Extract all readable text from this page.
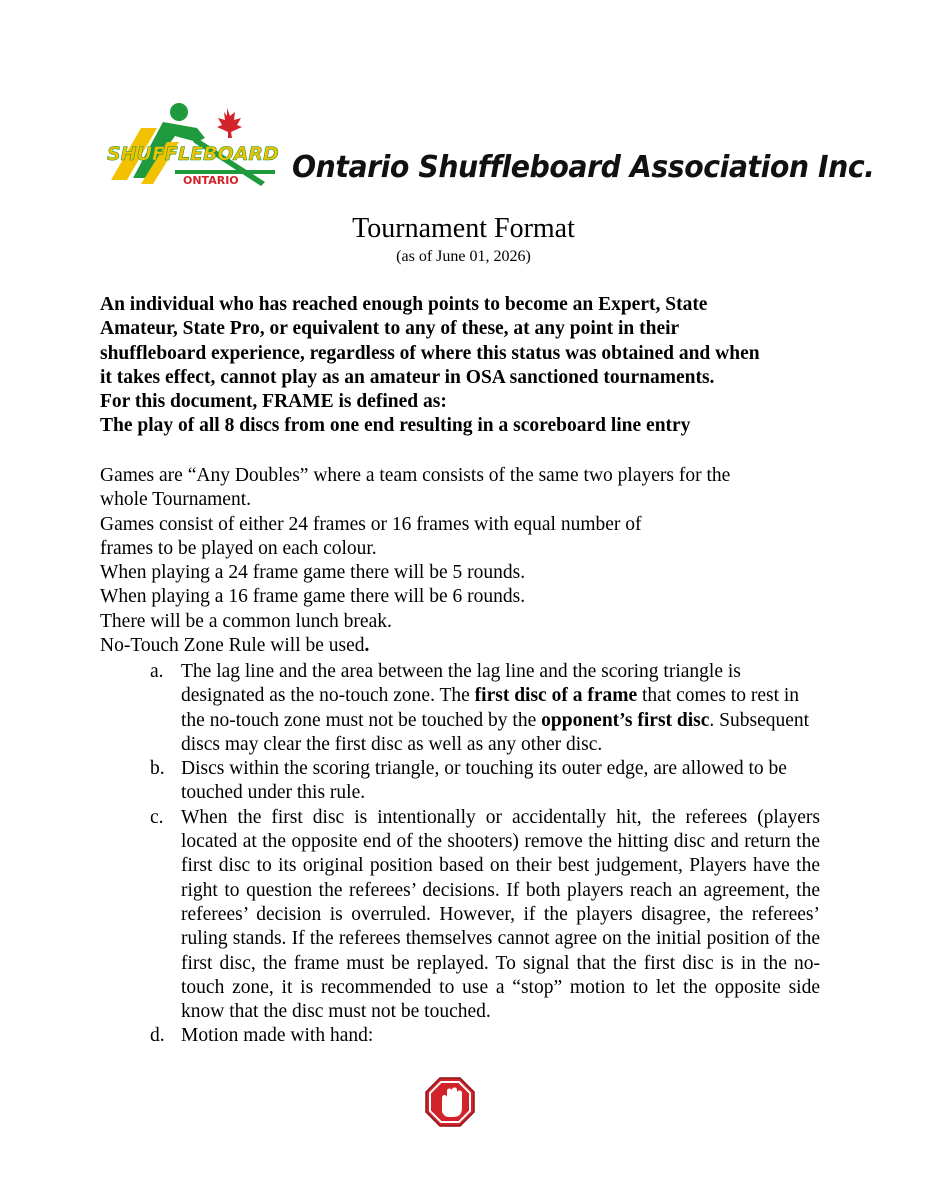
SHUFFLEBOARD
ONTARIO Ontario Shuffleboard Association Inc.
Tournament Format
(as of June 01, 2026)

An individual who has reached enough points to become an Expert, State

Amateur, State Pro, or equivalent to any of these, at any point in their

shuffleboard experience, regardless of where this status was obtained and when

it takes effect, cannot play as an amateur in OSA sanctioned tournaments.

For this document, FRAME is defined as:

The play of all 8 discs from one end resulting in a scoreboard line entry

Games are “Any Doubles” where a team consists of the same two players for the

whole Tournament.

Games consist of either 24 frames or 16 frames with equal number of

frames to be played on each colour.

When playing a 24 frame game there will be 5 rounds.

When playing a 16 frame game there will be 6 rounds.

There will be a common lunch break.

No-Touch Zone Rule will be used.

a. The lag line and the area between the lag line and the scoring triangle is designated as the no-touch zone. The first disc of a frame that comes to rest in the no-touch zone must not be touched by the opponent’s first disc. Subsequent discs may clear the first disc as well as any other disc.
b. Discs within the scoring triangle, or touching its outer edge, are allowed to be touched under this rule.
c. When the first disc is intentionally or accidentally hit, the referees (players located at the opposite end of the shooters) remove the hitting disc and return the first disc to its original position based on their best judgement, Players have the right to question the referees’ decisions. If both players reach an agreement, the referees’ decision is overruled. However, if the players disagree, the referees’ ruling stands. If the referees themselves cannot agree on the initial position of the first disc, the frame must be replayed. To signal that the first disc is in the no-touch zone, it is recommended to use a “stop” motion to let the opposite side know that the disc must not be touched.
d. Motion made with hand:
